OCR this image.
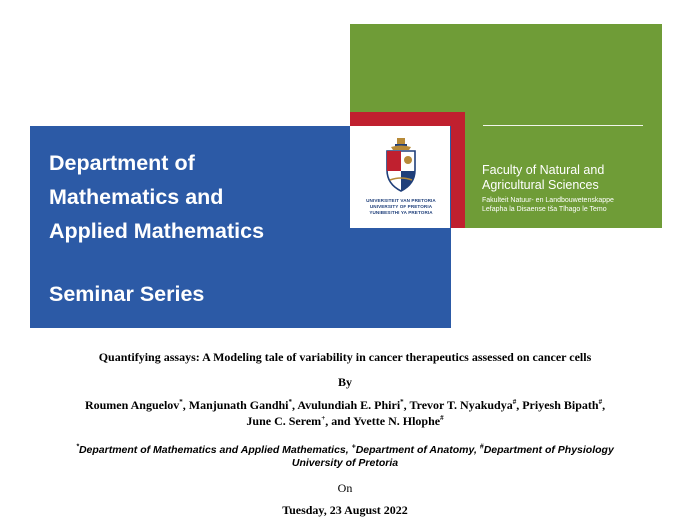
Faculty of Natural and
Agricultural Sciences
Fakulteit Natuur- en Landbouwetenskappe
Lefapha la Disaense tša Tlhago le Temo
Department of
Mathematics and
Applied Mathematics
Seminar Series
UNIVERSITEIT VAN PRETORIA
UNIVERSITY OF PRETORIA
YUNIBESITHI YA PRETORIA
Quantifying assays: A Modeling tale of variability in cancer therapeutics assessed on cancer cells
By
Roumen Anguelov*, Manjunath Gandhi*, Avulundiah E. Phiri*, Trevor T. Nyakudya#, Priyesh Bipath#,
June C. Serem+, and Yvette N. Hlophe#
*Department of Mathematics and Applied Mathematics, +Department of Anatomy, #Department of Physiology
University of Pretoria
On
Tuesday, 23 August 2022
